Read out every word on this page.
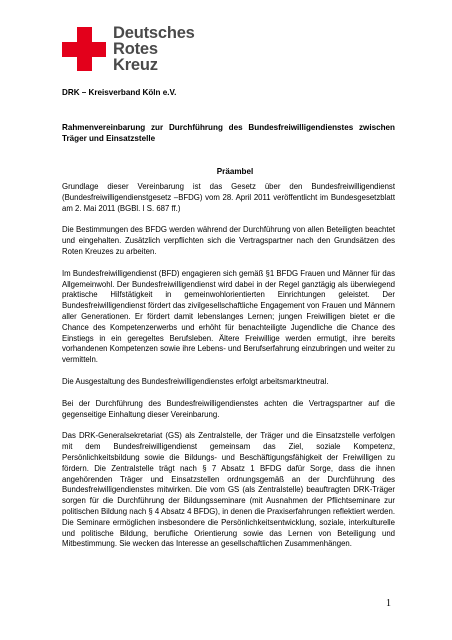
Deutsches
Rotes
Kreuz
DRK – Kreisverband Köln e.V.
Rahmenvereinbarung zur Durchführung des Bundesfreiwilligendienstes zwischen Träger und Einsatzstelle
Präambel

Grundlage dieser Vereinbarung ist das Gesetz über den Bundesfreiwilligendienst (Bundesfreiwilligendienstgesetz –BFDG) vom 28. April 2011 veröffentlicht im Bundesgesetzblatt am 2. Mai 2011 (BGBl. I S. 687 ff.)

Die Bestimmungen des BFDG werden während der Durchführung von allen Beteiligten beachtet und eingehalten. Zusätzlich verpflichten sich die Vertragspartner nach den Grundsätzen des Roten Kreuzes zu arbeiten.

Im Bundesfreiwilligendienst (BFD) engagieren sich gemäß §1 BFDG Frauen und Männer für das Allgemeinwohl. Der Bundesfreiwilligendienst wird dabei in der Regel ganztägig als überwiegend praktische Hilfstätigkeit in gemeinwohlorientierten Einrichtungen geleistet. Der Bundesfreiwilligendienst fördert das zivilgesellschaftliche Engagement von Frauen und Männern aller Generationen. Er fördert damit lebenslanges Lernen; jungen Freiwilligen bietet er die Chance des Kompetenzerwerbs und erhöht für benachteiligte Jugendliche die Chance des Einstiegs in ein geregeltes Berufsleben. Ältere Freiwillige werden ermutigt, ihre bereits vorhandenen Kompetenzen sowie ihre Lebens- und Berufserfahrung einzubringen und weiter zu vermitteln.

Die Ausgestaltung des Bundesfreiwilligendienstes erfolgt arbeitsmarktneutral.

Bei der Durchführung des Bundesfreiwilligendienstes achten die Vertragspartner auf die gegenseitige Einhaltung dieser Vereinbarung.

Das DRK-Generalsekretariat (GS) als Zentralstelle, der Träger und die Einsatzstelle verfolgen mit dem Bundesfreiwilligendienst gemeinsam das Ziel, soziale Kompetenz, Persönlichkeitsbildung sowie die Bildungs- und Beschäftigungsfähigkeit der Freiwilligen zu fördern. Die Zentralstelle trägt nach § 7 Absatz 1 BFDG dafür Sorge, dass die ihnen angehörenden Träger und Einsatzstellen ordnungsgemäß an der Durchführung des Bundesfreiwilligendienstes mitwirken. Die vom GS (als Zentralstelle) beauftragten DRK-Träger sorgen für die Durchführung der Bildungsseminare (mit Ausnahmen der Pflichtseminare zur politischen Bildung nach § 4 Absatz 4 BFDG), in denen die Praxiserfahrungen reflektiert werden. Die Seminare ermöglichen insbesondere die Persönlichkeitsentwicklung, soziale, interkulturelle und politische Bildung, berufliche Orientierung sowie das Lernen von Beteiligung und Mitbestimmung. Sie wecken das Interesse an gesellschaftlichen Zusammenhängen.

1
